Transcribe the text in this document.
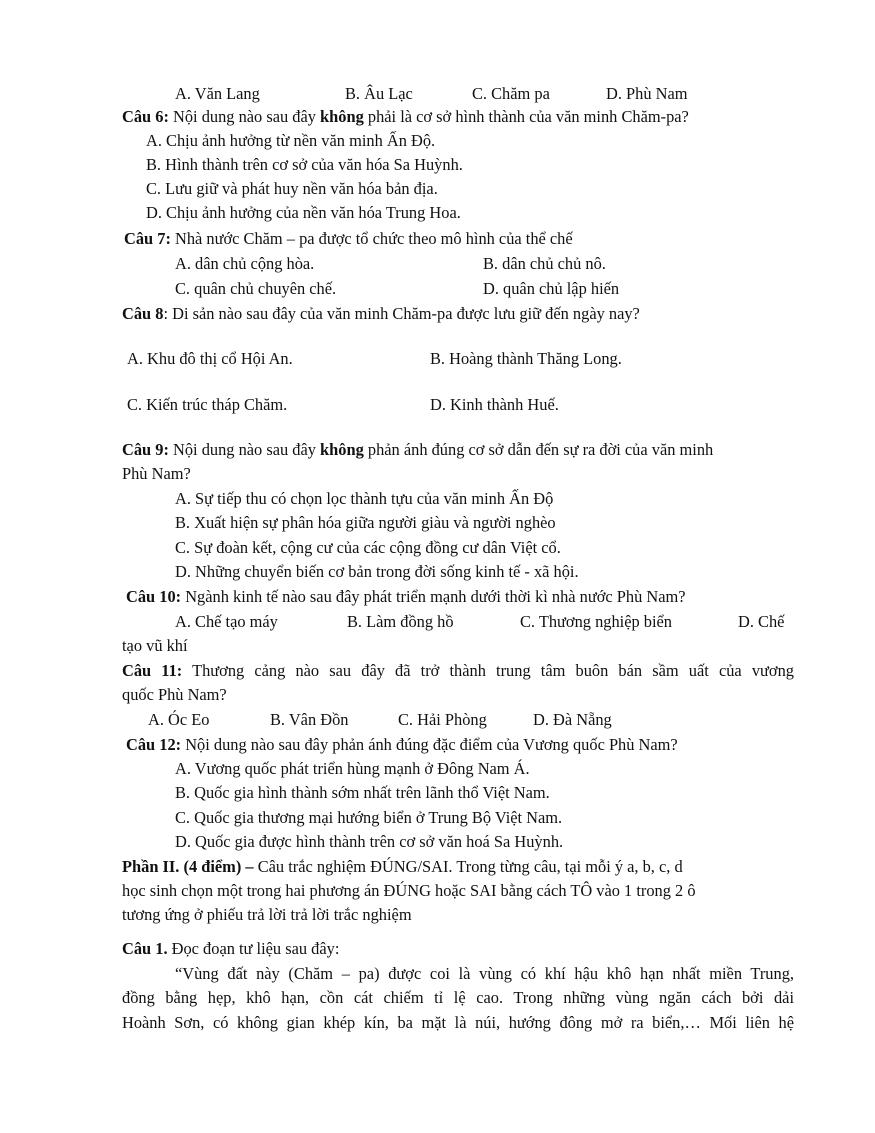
A. Văn Lang	B. Âu Lạc	C. Chăm pa	D. Phù Nam
Câu 6: Nội dung nào sau đây không phải là cơ sở hình thành của văn minh Chăm-pa?
A. Chịu ảnh hưởng từ nền văn minh Ấn Độ.
B. Hình thành trên cơ sở của văn hóa Sa Huỳnh.
C. Lưu giữ và phát huy nền văn hóa bản địa.
D. Chịu ảnh hưởng của nền văn hóa Trung Hoa.
Câu 7: Nhà nước Chăm – pa được tổ chức theo mô hình của thể chế
A. dân chủ cộng hòa.	B. dân chủ chủ nô.
C. quân chủ chuyên chế.	D. quân chủ lập hiến
Câu 8: Di sản nào sau đây của văn minh Chăm-pa được lưu giữ đến ngày nay?
A. Khu đô thị cổ Hội An.	B. Hoàng thành Thăng Long.
C. Kiến trúc tháp Chăm.	D. Kinh thành Huế.
Câu 9: Nội dung nào sau đây không phản ánh đúng cơ sở dẫn đến sự ra đời của văn minh
Phù Nam?
A. Sự tiếp thu có chọn lọc thành tựu của văn minh Ấn Độ
B. Xuất hiện sự phân hóa giữa người giàu và người nghèo
C. Sự đoàn kết, cộng cư của các cộng đồng cư dân Việt cổ.
D. Những chuyển biến cơ bản trong đời sống kinh tế - xã hội.
Câu 10: Ngành kinh tế nào sau đây phát triển mạnh dưới thời kì nhà nước Phù Nam?
A. Chế tạo máy	B. Làm đồng hồ	C. Thương nghiệp biển	D. Chế
tạo vũ khí
Câu 11: Thương cảng nào sau đây đã trở thành trung tâm buôn bán sầm uất của vương
quốc Phù Nam?
A. Óc Eo	B. Vân Đồn	C. Hải Phòng	D. Đà Nẵng
Câu 12: Nội dung nào sau đây phản ánh đúng đặc điểm của Vương quốc Phù Nam?
A. Vương quốc phát triển hùng mạnh ở Đông Nam Á.
B. Quốc gia hình thành sớm nhất trên lãnh thổ Việt Nam.
C. Quốc gia thương mại hướng biển ở Trung Bộ Việt Nam.
D. Quốc gia được hình thành trên cơ sở văn hoá Sa Huỳnh.
Phần II. (4 điểm) – Câu trắc nghiệm ĐÚNG/SAI. Trong từng câu, tại mỗi ý a, b, c, d
học sinh chọn một trong hai phương án ĐÚNG hoặc SAI bằng cách TÔ vào 1 trong 2 ô
tương ứng ở phiếu trả lời trả lời trắc nghiệm
Câu 1. Đọc đoạn tư liệu sau đây:
“Vùng đất này (Chăm – pa) được coi là vùng có khí hậu khô hạn nhất miền Trung,
đồng bằng hẹp, khô hạn, cồn cát chiếm tỉ lệ cao. Trong những vùng ngăn cách bởi dải
Hoành Sơn, có không gian khép kín, ba mặt là núi, hướng đông mở ra biển,… Mối liên hệ
